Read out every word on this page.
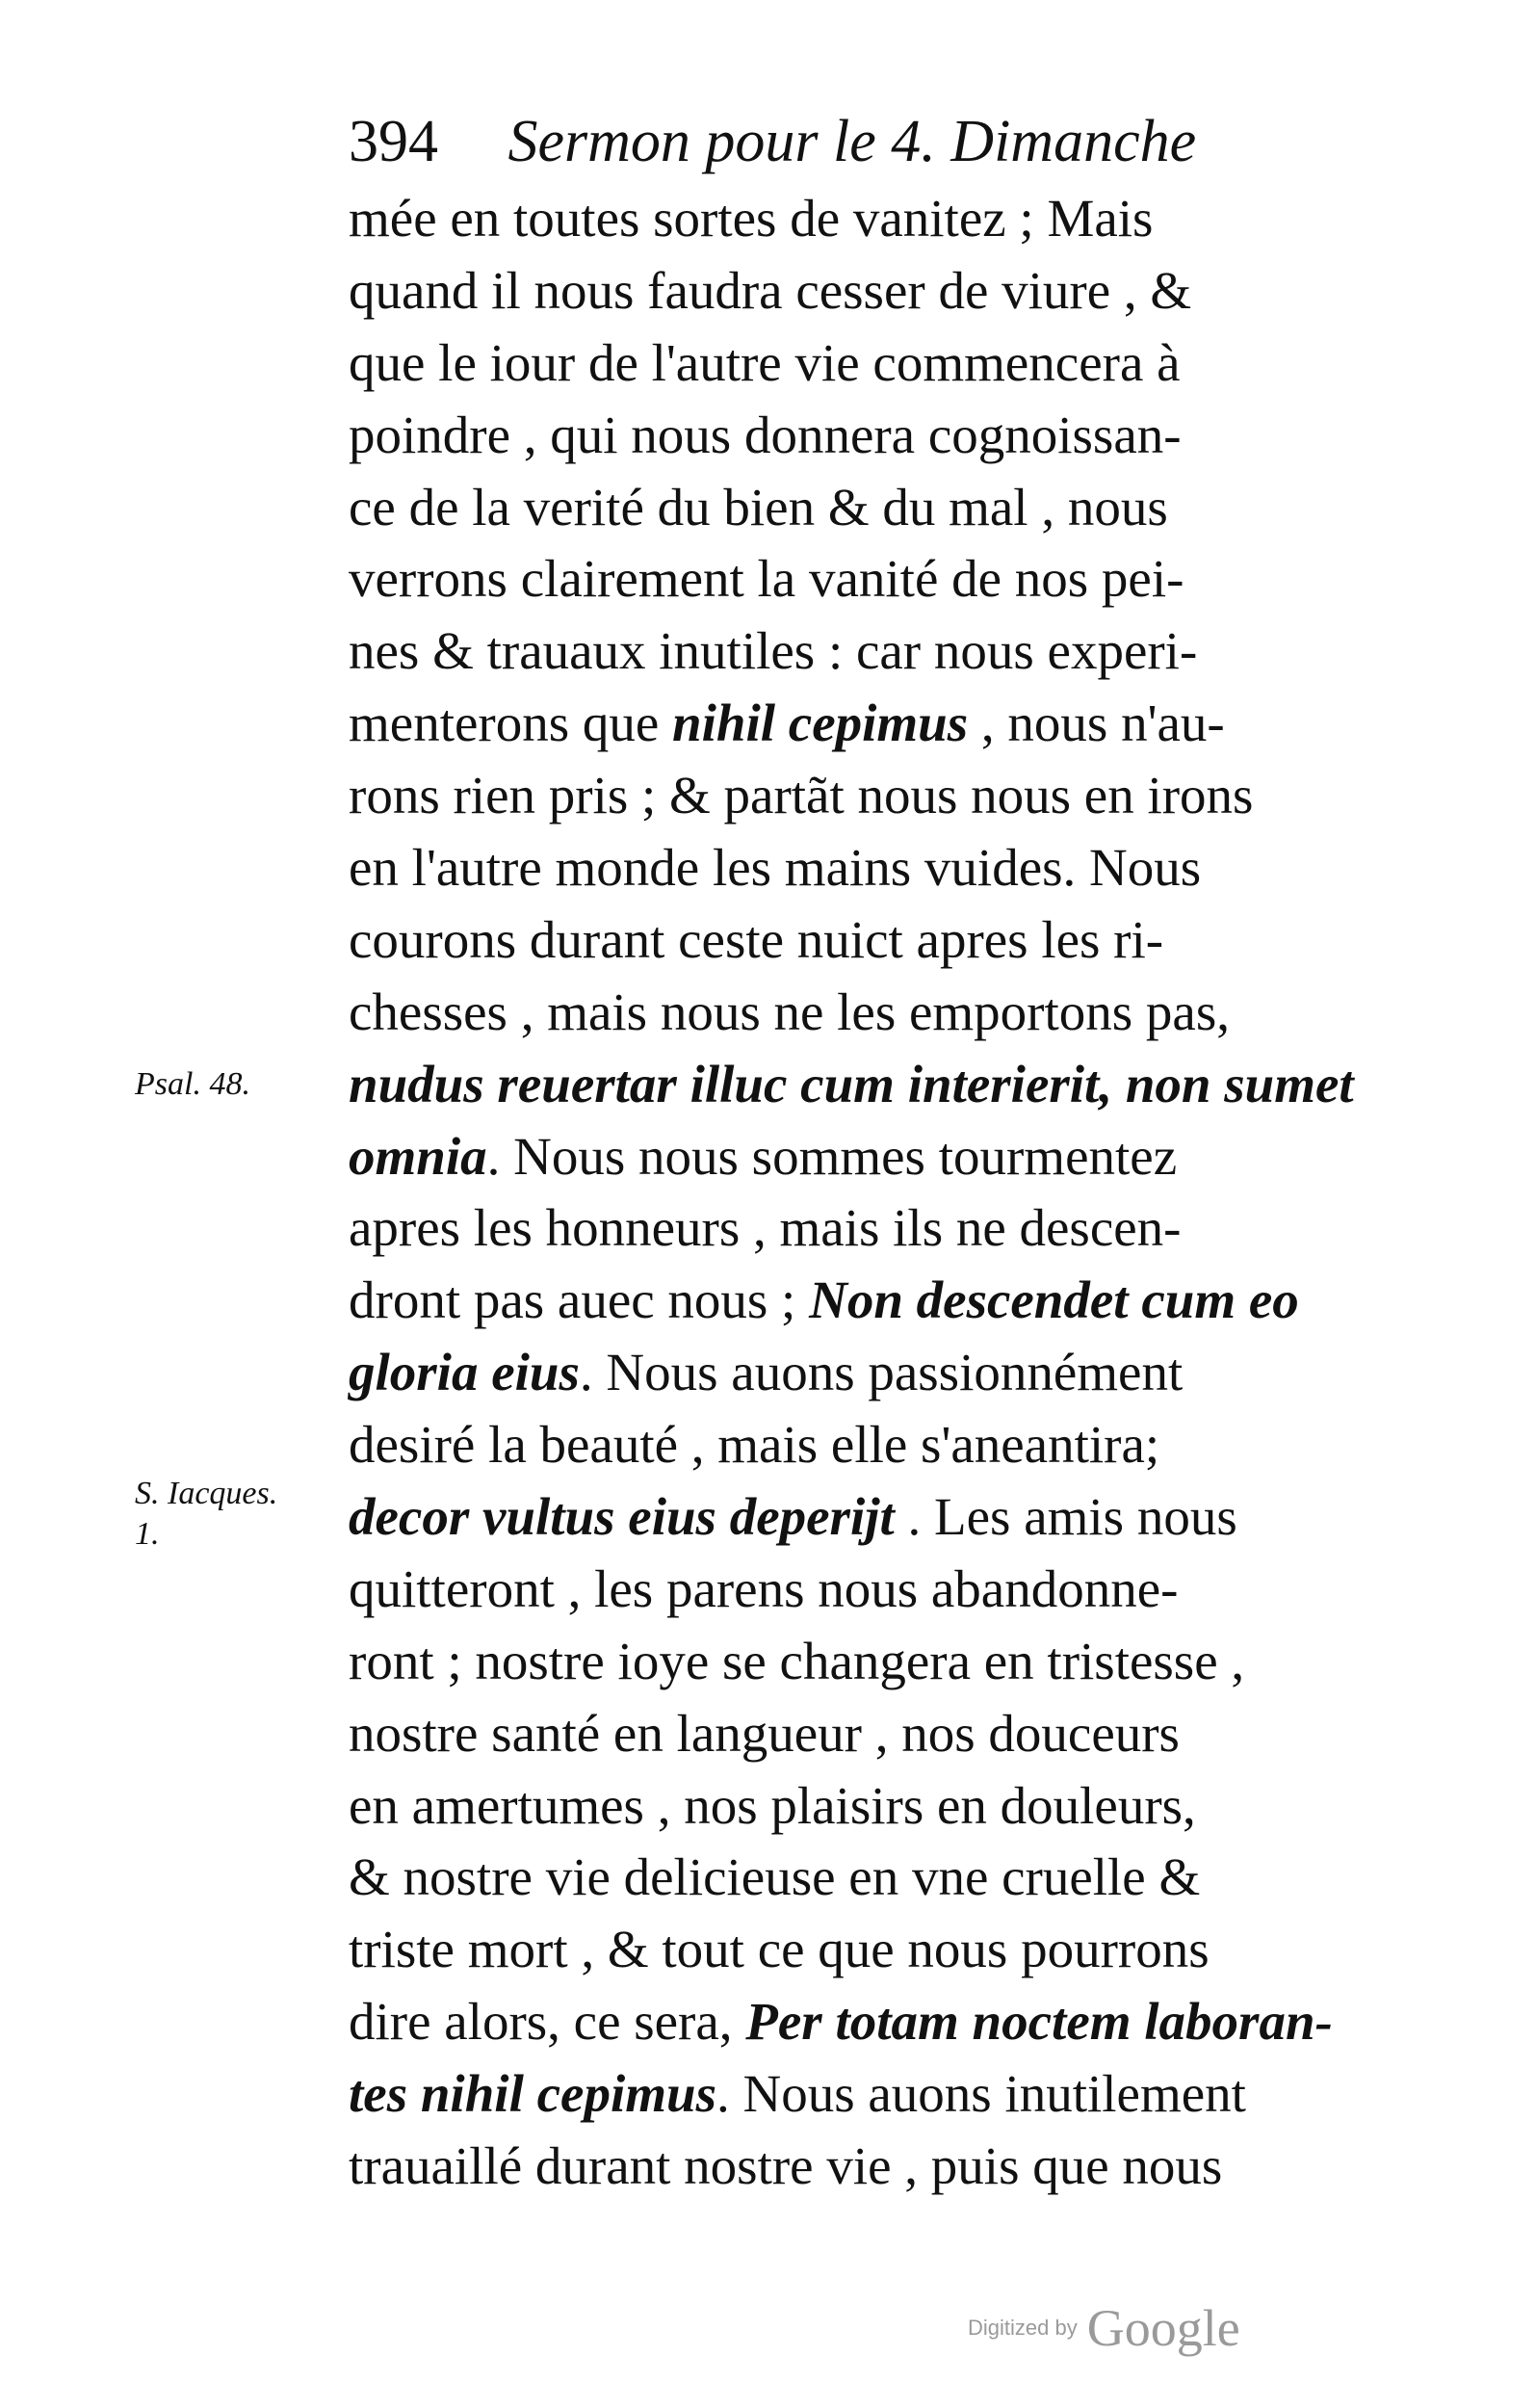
394 Sermon pour le 4. Dimanche
Psal. 48.
S. Iacques.
1.
mée en toutes sortes de vanitez ; Mais
quand il nous faudra cesser de viure , &
que le iour de l'autre vie commencera à
poindre , qui nous donnera cognoissan-
ce de la verité du bien & du mal , nous
verrons clairement la vanité de nos pei-
nes & trauaux inutiles : car nous experi-
menterons que nihil cepimus , nous n'au-
rons rien pris ; & partãt nous nous en irons
en l'autre monde les mains vuides. Nous
courons durant ceste nuict apres les ri-
chesses , mais nous ne les emportons pas,
nudus reuertar illuc cum interierit, non sumet
omnia. Nous nous sommes tourmentez
apres les honneurs , mais ils ne descen-
dront pas auec nous ; Non descendet cum eo
gloria eius. Nous auons passionnément
desiré la beauté , mais elle s'aneantira;
decor vultus eius deperijt . Les amis nous
quitteront , les parens nous abandonne-
ront ; nostre ioye se changera en tristesse ,
nostre santé en langueur , nos douceurs
en amertumes , nos plaisirs en douleurs,
& nostre vie delicieuse en vne cruelle &
triste mort , & tout ce que nous pourrons
dire alors, ce sera, Per totam noctem laboran-
tes nihil cepimus. Nous auons inutilement
trauaillé durant nostre vie , puis que nous
Digitized by Google
